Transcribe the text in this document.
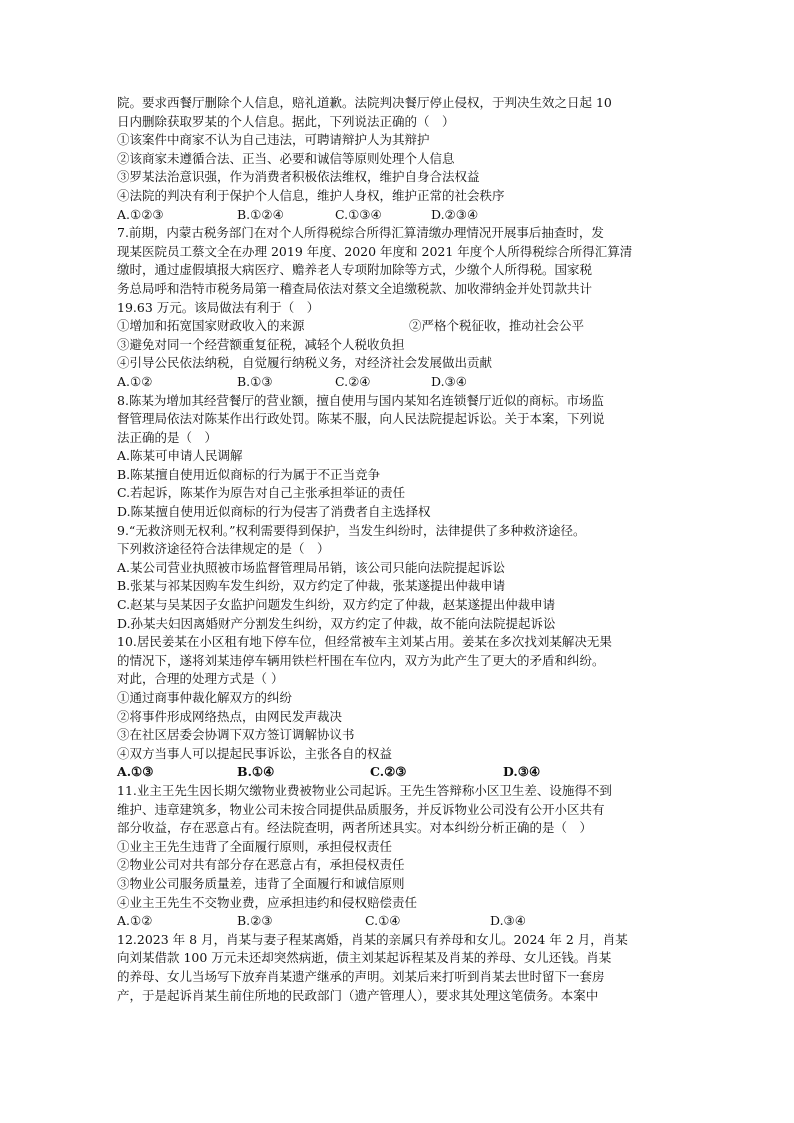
院。要求西餐厅删除个人信息，赔礼道歉。法院判决餐厅停止侵权，于判决生效之日起 10
日内删除获取罗某的个人信息。据此，下列说法正确的（　）
①该案件中商家不认为自己违法，可聘请辩护人为其辩护
②该商家未遵循合法、正当、必要和诚信等原则处理个人信息
③罗某法治意识强，作为消费者积极依法维权，维护自身合法权益
④法院的判决有利于保护个人信息，维护人身权，维护正常的社会秩序
A.①②③	B.①②④	C.①③④	D.②③④
7.前期，内蒙古税务部门在对个人所得税综合所得汇算清缴办理情况开展事后抽查时，发
现某医院员工蔡文全在办理 2019 年度、2020 年度和 2021 年度个人所得税综合所得汇算清
缴时，通过虚假填报大病医疗、赡养老人专项附加除等方式，少缴个人所得税。国家税
务总局呼和浩特市税务局第一稽查局依法对蔡文全追缴税款、加收滞纳金并处罚款共计
19.63 万元。该局做法有利于（　）
①增加和拓宽国家财政收入的来源	②严格个税征收，推动社会公平
③避免对同一个经营额重复征税，减轻个人税收负担
④引导公民依法纳税，自觉履行纳税义务，对经济社会发展做出贡献
A.①②	B.①③	C.②④	D.③④
8.陈某为增加其经营餐厅的营业额，擅自使用与国内某知名连锁餐厅近似的商标。市场监
督管理局依法对陈某作出行政处罚。陈某不服，向人民法院提起诉讼。关于本案，下列说
法正确的是（　）
A.陈某可申请人民调解
B.陈某擅自使用近似商标的行为属于不正当竞争
C.若起诉，陈某作为原告对自己主张承担举证的责任
D.陈某擅自使用近似商标的行为侵害了消费者自主选择权
9.“无救济则无权利。”权利需要得到保护，当发生纠纷时，法律提供了多种救济途径。
下列救济途径符合法律规定的是（　）
A.某公司营业执照被市场监督管理局吊销，该公司只能向法院提起诉讼
B.张某与祁某因购车发生纠纷，双方约定了仲裁，张某遂提出仲裁申请
C.赵某与吴某因子女监护问题发生纠纷，双方约定了仲裁，赵某遂提出仲裁申请
D.孙某夫妇因离婚财产分割发生纠纷，双方约定了仲裁，故不能向法院提起诉讼
10.居民姜某在小区租有地下停车位，但经常被车主刘某占用。姜某在多次找刘某解决无果
的情况下，遂将刘某违停车辆用铁栏杆围在车位内，双方为此产生了更大的矛盾和纠纷。
对此，合理的处理方式是（ ）
①通过商事仲裁化解双方的纠纷
②将事件形成网络热点，由网民发声裁决
③在社区居委会协调下双方签订调解协议书
④双方当事人可以提起民事诉讼，主张各自的权益
A.①③	B.①④	C.②③	D.③④
11.业主王先生因长期欠缴物业费被物业公司起诉。王先生答辩称小区卫生差、设施得不到
维护、违章建筑多，物业公司未按合同提供品质服务，并反诉物业公司没有公开小区共有
部分收益，存在恶意占有。经法院查明，两者所述具实。对本纠纷分析正确的是（　）
①业主王先生违背了全面履行原则，承担侵权责任
②物业公司对共有部分存在恶意占有，承担侵权责任
③物业公司服务质量差，违背了全面履行和诚信原则
④业主王先生不交物业费，应承担违约和侵权赔偿责任
A.①②	B.②③	C.①④	D.③④
12.2023 年 8 月，肖某与妻子程某离婚，肖某的亲属只有养母和女儿。2024 年 2 月，肖某
向刘某借款 100 万元未还却突然病逝，债主刘某起诉程某及肖某的养母、女儿还钱。肖某
的养母、女儿当场写下放弃肖某遗产继承的声明。刘某后来打听到肖某去世时留下一套房
产，于是起诉肖某生前住所地的民政部门（遗产管理人），要求其处理这笔债务。本案中
